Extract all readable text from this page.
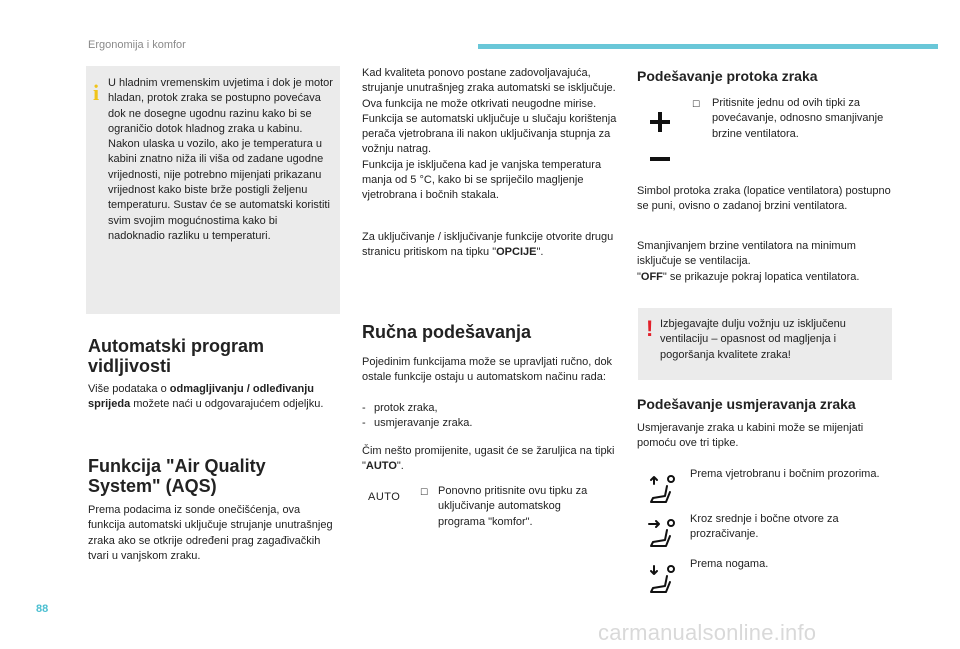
Ergonomija i komfor
i U hladnim vremenskim uvjetima i dok je motor hladan, protok zraka se postupno povećava dok ne dosegne ugodnu razinu kako bi se ograničio dotok hladnog zraka u kabinu.

Nakon ulaska u vozilo, ako je temperatura u kabini znatno niža ili viša od zadane ugodne vrijednosti, nije potrebno mijenjati prikazanu vrijednost kako biste brže postigli željenu temperaturu. Sustav će se automatski koristiti svim svojim mogućnostima kako bi nadoknadio razliku u temperaturi.

Automatski program vidljivosti
Više podataka o odmagljivanju / odleđivanju sprijeda možete naći u odgovarajućem odjeljku.
Funkcija "Air Quality System" (AQS)
Prema podacima iz sonde onečišćenja, ova funkcija automatski uključuje strujanje unutrašnjeg zraka ako se otkrije određeni prag zagađivačkih tvari u vanjskom zraku.

Kad kvaliteta ponovo postane zadovoljavajuća, strujanje unutrašnjeg zraka automatski se isključuje.

Ova funkcija ne može otkrivati neugodne mirise.

Funkcija se automatski uključuje u slučaju korištenja perača vjetrobrana ili nakon uključivanja stupnja za vožnju natrag.

Funkcija je isključena kad je vanjska temperatura manja od 5 °C, kako bi se spriječilo magljenje vjetrobrana i bočnih stakala.

Za uključivanje / isključivanje funkcije otvorite drugu stranicu pritiskom na tipku "OPCIJE".
Ručna podešavanja
Pojedinim funkcijama može se upravljati ručno, dok ostale funkcije ostaju u automatskom načinu rada:
- protok zraka,
- usmjeravanje zraka.
Čim nešto promijenite, ugasit će se žaruljica na tipki "AUTO".
AUTO ☐ Ponovno pritisnite ovu tipku za uključivanje automatskog programa "komfor".
Podešavanje protoka zraka
☐ Pritisnite jednu od ovih tipki za povećavanje, odnosno smanjivanje brzine ventilatora.
Simbol protoka zraka (lopatice ventilatora) postupno se puni, ovisno o zadanoj brzini ventilatora.

Smanjivanjem brzine ventilatora na minimum isključuje se ventilacija.

"OFF" se prikazuje pokraj lopatica ventilatora.

! Izbjegavajte dulju vožnju uz isključenu ventilaciju – opasnost od magljenja i pogoršanja kvalitete zraka!
Podešavanje usmjeravanja zraka
Usmjeravanje zraka u kabini može se mijenjati pomoću ove tri tipke.
Prema vjetrobranu i bočnim prozorima.
Kroz srednje i bočne otvore za prozračivanje.
Prema nogama.
88
carmanualsonline.info
